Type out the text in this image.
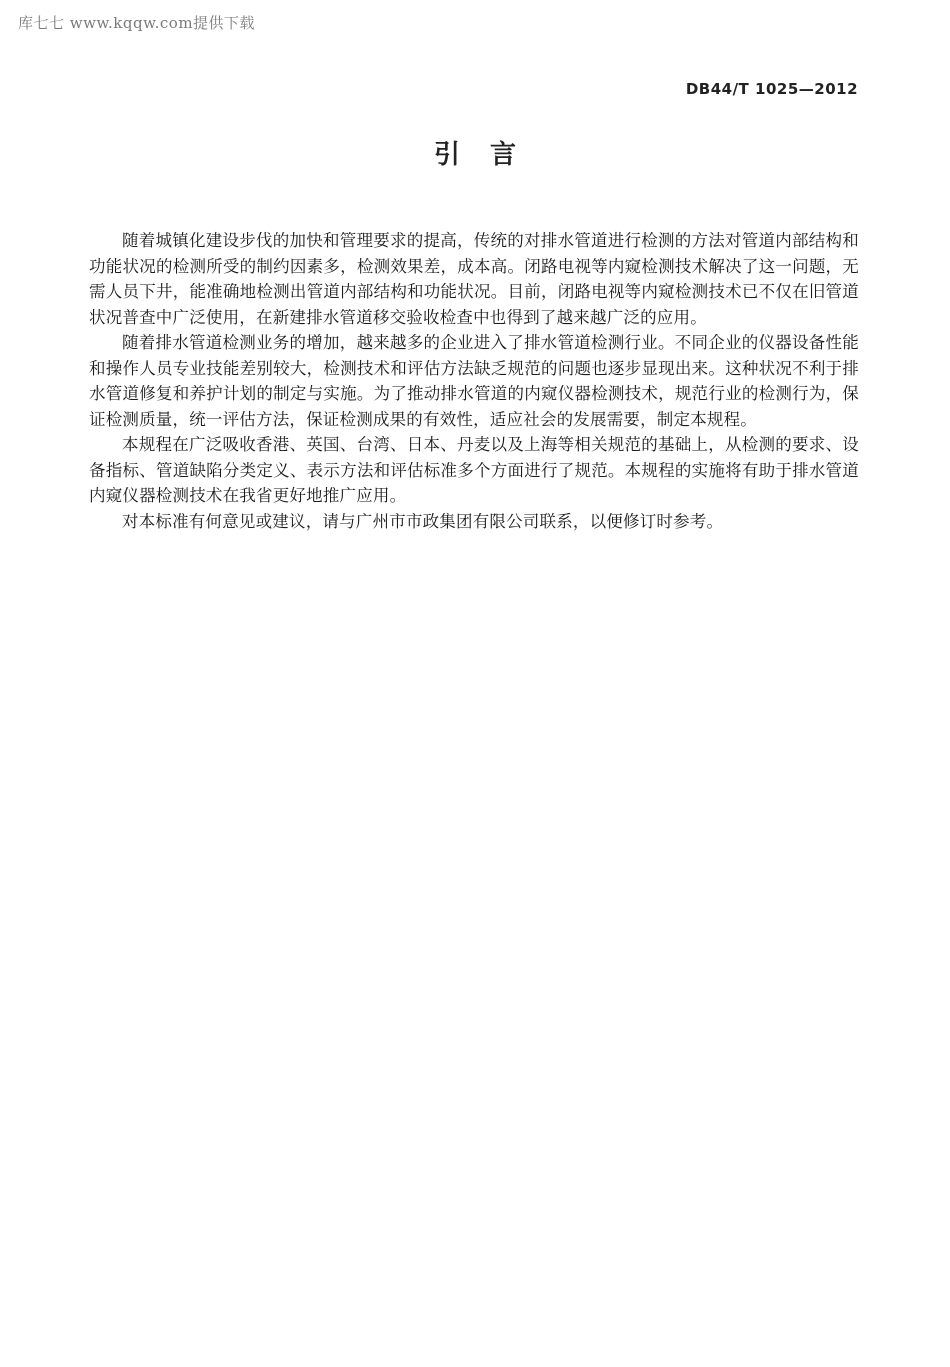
库七七 www.kqqw.com提供下载
DB44/T 1025—2012
引言

随着城镇化建设步伐的加快和管理要求的提高，传统的对排水管道进行检测的方法对管道内部结构和功能状况的检测所受的制约因素多，检测效果差，成本高。闭路电视等内窥检测技术解决了这一问题，无需人员下井，能准确地检测出管道内部结构和功能状况。目前，闭路电视等内窥检测技术已不仅在旧管道状况普查中广泛使用，在新建排水管道移交验收检查中也得到了越来越广泛的应用。

随着排水管道检测业务的增加，越来越多的企业进入了排水管道检测行业。不同企业的仪器设备性能和操作人员专业技能差别较大，检测技术和评估方法缺乏规范的问题也逐步显现出来。这种状况不利于排水管道修复和养护计划的制定与实施。为了推动排水管道的内窥仪器检测技术，规范行业的检测行为，保证检测质量，统一评估方法，保证检测成果的有效性，适应社会的发展需要，制定本规程。

本规程在广泛吸收香港、英国、台湾、日本、丹麦以及上海等相关规范的基础上，从检测的要求、设备指标、管道缺陷分类定义、表示方法和评估标准多个方面进行了规范。本规程的实施将有助于排水管道内窥仪器检测技术在我省更好地推广应用。

对本标准有何意见或建议，请与广州市市政集团有限公司联系，以便修订时参考。
